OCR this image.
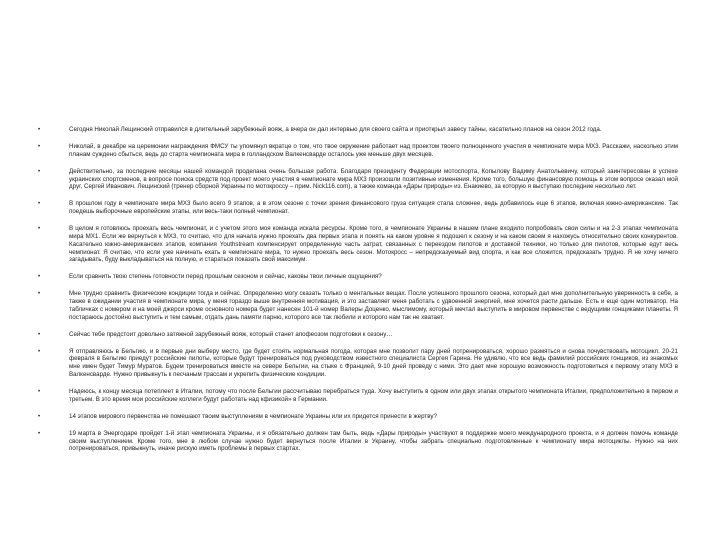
•	Сегодня Николай Лещинский отправился в длительный зарубежный вояж, а вчера он дал интервью для своего сайта и приоткрыл завесу тайны, касательно планов на сезон 2012 года.
•	Николай, в декабре на церемонии награждения ФМСУ ты упомянул вкратце о том, что твое окружение работает над проектом твоего полноценного участия в чемпионате мира МХ3. Расскажи, насколько этим планам суждено сбыться, ведь до старта чемпионата мира в голландском Валкенсварде осталось уже меньше двух месяцев.
•	Действительно, за последние месяцы нашей командой проделана очень большая работа. Благодаря президенту Федерации мотоспорта, Копылову Вадиму Анатольевичу, который заинтересован в успехе украинских спортсменов, в вопросе поиска средств под проект моего участия в чемпионате мира МХ3 произошли позитивные изменения. Кроме того, большую финансовую помощь в этом вопросе оказал мой друг, Сергей Иванович. Лещинский (тренер сборной Украины по мотокроссу – прим. Nick116.com), а также команда «Дары природы» из. Енакиево, за которую я выступаю последние несколько лет.
•	В прошлом году в чемпионате мира МХ3 было всего 9 этапов, а в этом сезоне с точки зрения финансового груза ситуация стала сложнее, ведь добавилось еще 6 этапов, включая южно-американские. Так поедешь выборочные европейские этапы, или весь-таки полный чемпионат.
•	В целом я готовлюсь проехать весь чемпионат, и с учетом этого моя команда искала ресурсы. Кроме того, в чемпионате Украины в нашем плане входило попробовать свои силы и на 2-3 этапах чемпионата мира МХ1. Если же вернуться к МХ3, то считаю, что для начала нужно проехать два первых этапа и понять на каком уровне я подошел к сезону и на каком своем я нахожусь относительно своих конкурентов. Касательно южно-американских этапов, компания Youthstream компенсирует определенную часть затрат, связанных с переездом пилотов и доставкой техники, но только для пилотов, которые едут весь чемпионат. Я считаю, что если уже начинать ехать в чемпионате мира, то нужно проехать весь сезон. Мотокросс – непредсказуемый вид спорта, и как все сложится, предсказать трудно. Я не хочу ничего загадывать, буду выкладываться на полную, и стараться показать свой максимум.
•	Если сравнить твою степень готовности перед прошлым сезоном и сейчас, каковы твои личные ощущения?
•	Мне трудно сравнить физические кондиции тогда и сейчас. Определенно могу сказать только о ментальных вещах. После успешного прошлого сезона, который дал мне дополнительную уверенность в себе, а также в ожидании участия в чемпионате мира, у меня гораздо выше внутренняя мотивация, и это заставляет меня работать с удвоенной энергией, мне хочется расти дальше. Есть и еще один мотиватор. На табличках с номером и на моей джерси кроме основного номера будет нанесен 101-й номер Валеры Доценко, мыслимому, который мечтал выступить в мировом первенстве с ведущими гонщиками планеты. Я постараюсь достойно выступить и тем самым, отдать дань памяти парню, которого все так любили и которого нам так не хватает.
•	Сейчас тебе предстоит довольно затяжной зарубежный вояж, который станет апофеозом подготовки к сезону…
•	Я отправляюсь в Бельгию, и в первые дни выберу место, где будет стоять нормальная погода, которая мне позволит пару дней потренироваться, хорошо размяться и снова почувствовать мотоцикл. 20-21 февраля в Бельгию приедут российские пилоты, которые будут тренироваться под руководством известного специалиста Сергея Гарина. Не удивлю, что все ведь фамилий российских гонщиков, из знакомых мне имен будет Тимур Муратов. Будем тренироваться вместе на севере Бельгии, на стыке с Францией, 9-10 дней проведу с ними. Это дает мне хорошую возможность подготовиться к первому этапу МХ3 в Валкенсварде. Нужно привыкнуть к песчаным трассам и укрепить физические кондиции.
•	Надеюсь, к концу месяца потеплеет в Италии, потому что после Бельгии рассчитываю перебраться туда. Хочу выступить в одном или двух этапах открытого чемпионата Италии, предположительно в первом и третьем. В это время мои российские коллеги будут работать над кфизикой» в Германии.
•	14 этапов мирового первенства не помешают твоим выступлениям в чемпионате Украины или их придется принести в жертву?
•	19 марта в Энергодаре пройдет 1-й этап чемпионата Украины, и я обязательно должен там быть, ведь «Дары природы» участвуют в поддержке моего международного проекта, и я должен помочь команде своим выступлением. Кроме того, мне в любом случае нужно будет вернуться после Италии в Украину, чтобы забрать специально подготовленные к чемпионату мира мотоциклы. Нужно на них потренироваться, привыкнуть, иначе рискую иметь проблемы в первых стартах.
